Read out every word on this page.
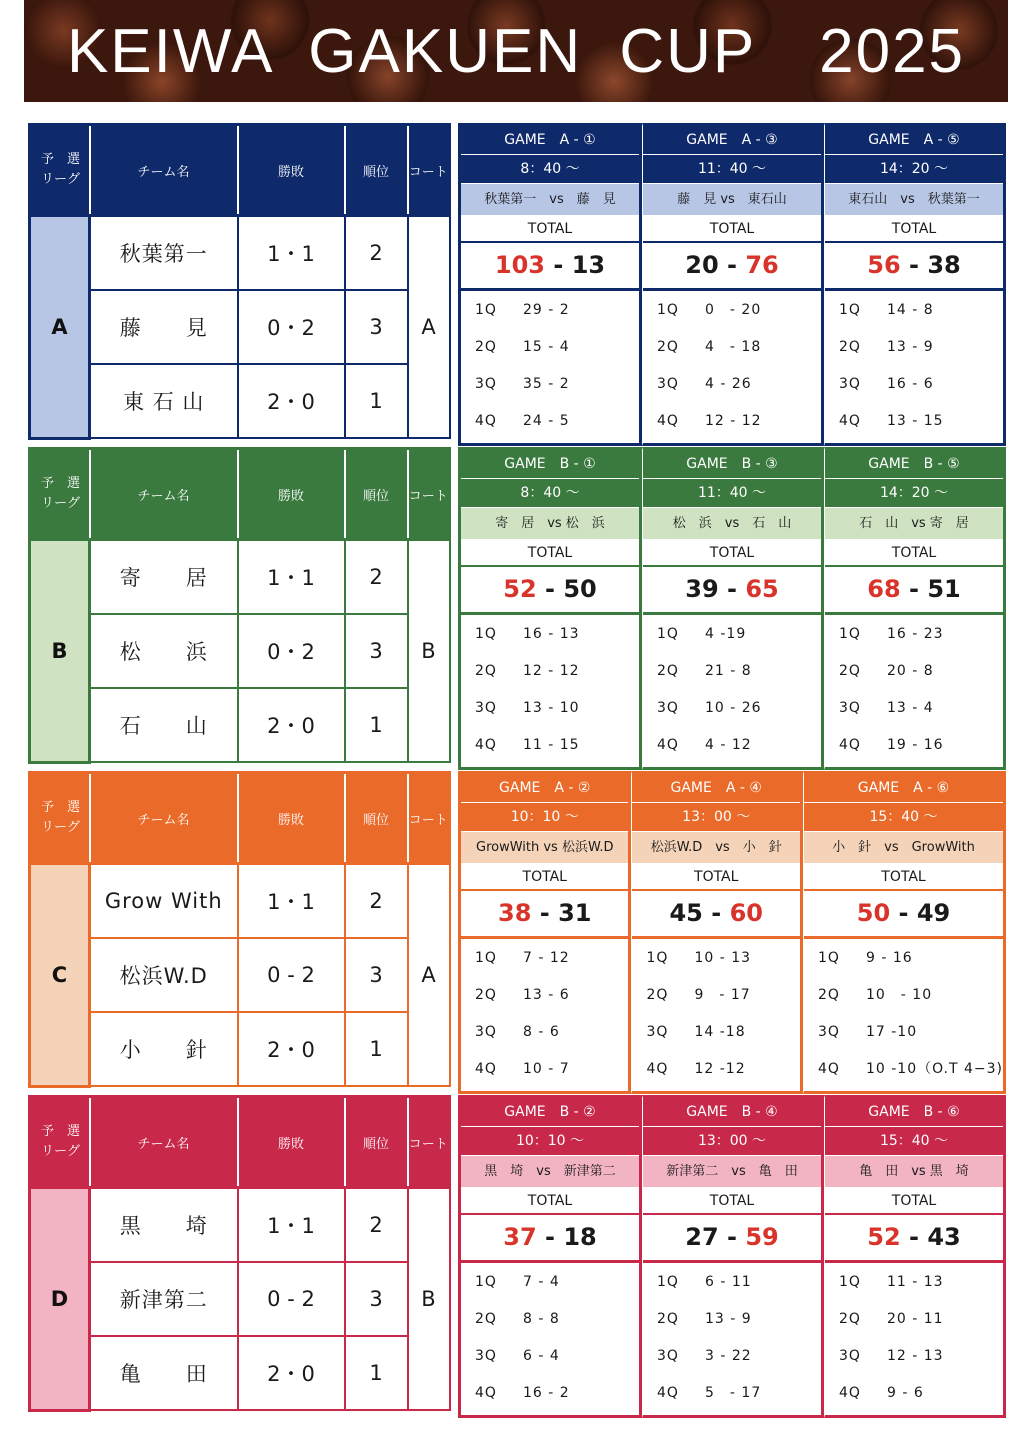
KEIWA GAKUEN CUP　2025
予　選
リーグ	チーム名	勝敗	順位	コート
A	秋葉第一	1・1	2	A
	藤　　見	0・2	3	
	東 石 山	2・0	1	
GAME　A - ①
8：40 〜
秋葉第一　vs　藤　見
TOTAL
103 - 13
1Q	29 - 2
2Q	15 - 4
3Q	35 - 2
4Q	24 - 5
GAME　A - ③
11：40 〜
藤　見 vs　東石山
TOTAL
20 - 76
1Q	0　- 20
2Q	4　- 18
3Q	4 - 26
4Q	12 - 12
GAME　A - ⑤
14：20 〜
東石山　vs　秋葉第一
TOTAL
56 - 38
1Q	14 - 8
2Q	13 - 9
3Q	16 - 6
4Q	13 - 15
予　選
リーグ	チーム名	勝敗	順位	コート
B	寄　　居	1・1	2	B
	松　　浜	0・2	3	
	石　　山	2・0	1	
GAME　B - ①
8：40 〜
寄　居　vs 松　浜
TOTAL
52 - 50
1Q	16 - 13
2Q	12 - 12
3Q	13 - 10
4Q	11 - 15
GAME　B - ③
11：40 〜
松　浜　vs　石　山
TOTAL
39 - 65
1Q	4 -19
2Q	21 - 8
3Q	10 - 26
4Q	4 - 12
GAME　B - ⑤
14：20 〜
石　山　vs 寄　居
TOTAL
68 - 51
1Q	16 - 23
2Q	20 - 8
3Q	13 - 4
4Q	19 - 16
予　選
リーグ	チーム名	勝敗	順位	コート
C	Grow With	1・1	2	A
	松浜W.D	0 - 2	3	
	小　　針	2・0	1	
GAME　A - ②
10：10 〜
GrowWith vs 松浜W.D
TOTAL
38 - 31
1Q	7 - 12
2Q	13 - 6
3Q	8 - 6
4Q	10 - 7
GAME　A - ④
13：00 〜
松浜W.D　vs　小　針
TOTAL
45 - 60
1Q	10 - 13
2Q	9　- 17
3Q	14 -18
4Q	12 -12
GAME　A - ⑥
15：40 〜
小　針　vs　GrowWith
TOTAL
50 - 49
1Q	9 - 16
2Q	10　- 10
3Q	17 -10
4Q	10 -10（O.T 4−3)
予　選
リーグ	チーム名	勝敗	順位	コート
D	黒　　埼	1・1	2	B
	新津第二	0 - 2	3	
	亀　　田	2・0	1	
GAME　B - ②
10：10 〜
黒　埼　vs　新津第二
TOTAL
37 - 18
1Q	7 - 4
2Q	8 - 8
3Q	6 - 4
4Q	16 - 2
GAME　B - ④
13：00 〜
新津第二　vs　亀　田
TOTAL
27 - 59
1Q	6 - 11
2Q	13 - 9
3Q	3 - 22
4Q	5　- 17
GAME　B - ⑥
15：40 〜
亀　田　vs 黒　埼
TOTAL
52 - 43
1Q	11 - 13
2Q	20 - 11
3Q	12 - 13
4Q	9 - 6
